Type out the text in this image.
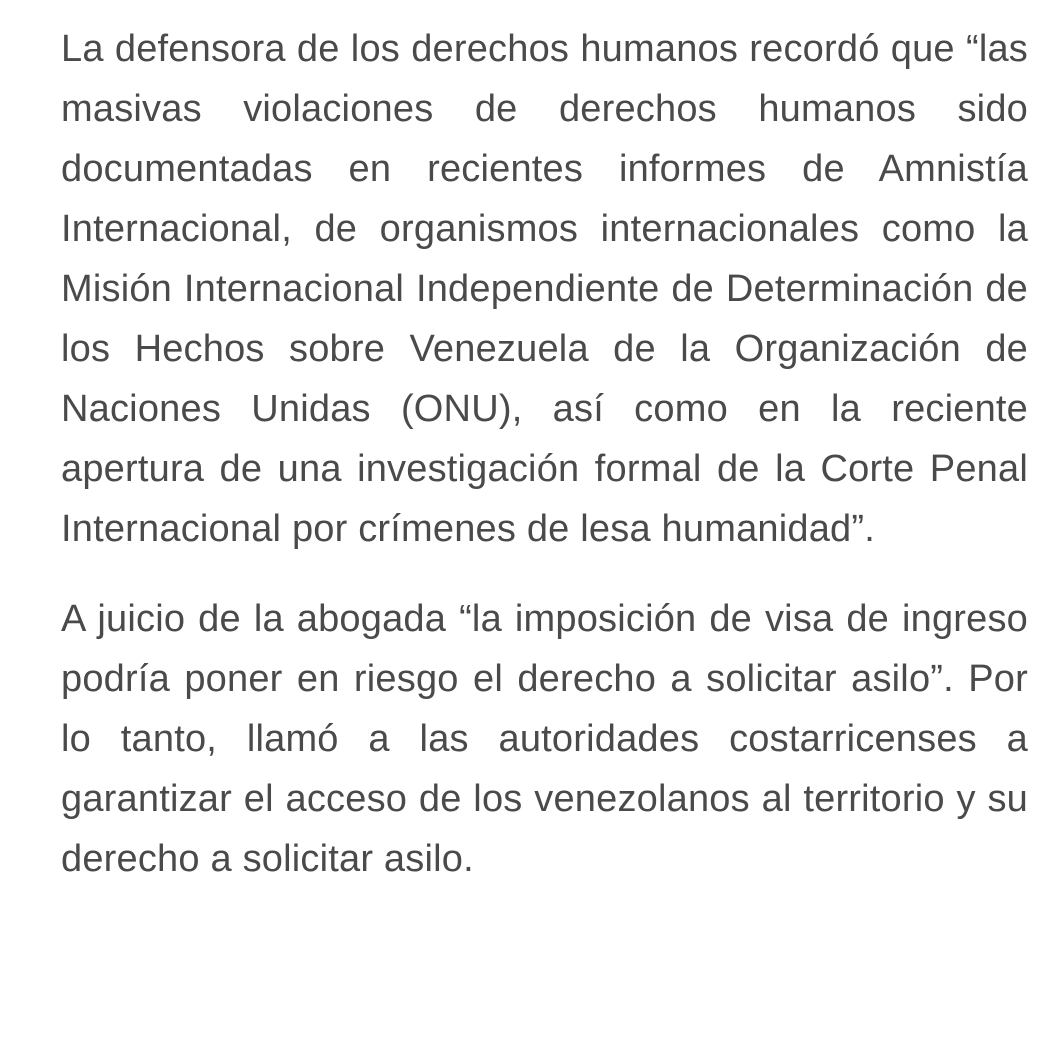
La defensora de los derechos humanos recordó que “las masivas violaciones de derechos humanos sido documentadas en recientes informes de Amnistía Internacional, de organismos internacionales como la Misión Internacional Independiente de Determinación de los Hechos sobre Venezuela de la Organización de Naciones Unidas (ONU), así como en la reciente apertura de una investigación formal de la Corte Penal Internacional por crímenes de lesa humanidad”.

A juicio de la abogada “la imposición de visa de ingreso podría poner en riesgo el derecho a solicitar asilo”. Por lo tanto, llamó a las autoridades costarricenses a garantizar el acceso de los venezolanos al territorio y su derecho a solicitar asilo.
